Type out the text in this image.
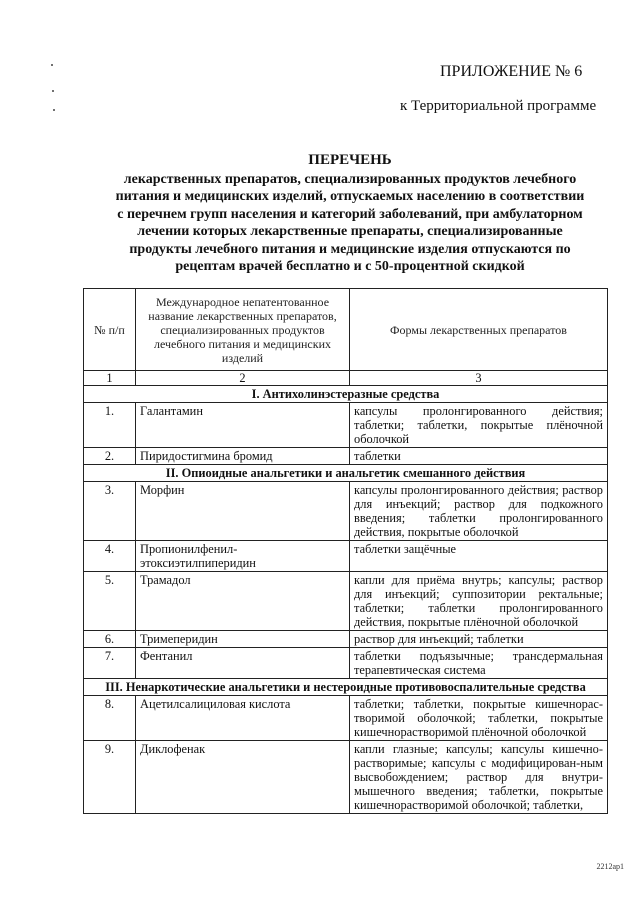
ПРИЛОЖЕНИЕ № 6
к Территориальной программе
ПЕРЕЧЕНЬ
лекарственных препаратов, специализированных продуктов лечебного
питания и медицинских изделий, отпускаемых населению в соответствии
с перечнем групп населения и категорий заболеваний, при амбулаторном
лечении которых лекарственные препараты, специализированные
продукты лечебного питания и медицинские изделия отпускаются по
рецептам врачей бесплатно и с 50-процентной скидкой
№ п/п	Международное непатентованное название лекарственных препаратов, специализированных продуктов лечебного питания и медицинских изделий	Формы лекарственных препаратов
1	2	3
I. Антихолинэстеразные средства		
1.	Галантамин	капсулы пролонгированного действия; таблетки; таблетки, покрытые плёночной оболочкой
2.	Пиридостигмина бромид	таблетки
II. Опиоидные анальгетики и анальгетик смешанного действия		
3.	Морфин	капсулы пролонгированного действия; раствор для инъекций; раствор для подкожного введения; таблетки пролонгированного действия, покрытые оболочкой
4.	Пропионилфенил-этоксиэтилпиперидин	таблетки защёчные
5.	Трамадол	капли для приёма внутрь; капсулы; раствор для инъекций; суппозитории ректальные; таблетки; таблетки пролонгированного действия, покрытые плёночной оболочкой
6.	Тримеперидин	раствор для инъекций; таблетки
7.	Фентанил	таблетки подъязычные; трансдермальная терапевтическая система
III. Ненаркотические анальгетики и нестероидные противовоспалительные средства		
8.	Ацетилсалициловая кислота	таблетки; таблетки, покрытые кишечнорас-творимой оболочкой; таблетки, покрытые кишечнорастворимой плёночной оболочкой
9.	Диклофенак	капли глазные; капсулы; капсулы кишечно-растворимые; капсулы с модифицирован-ным высвобождением; раствор для внутри-мышечного введения; таблетки, покрытые кишечнорастворимой оболочкой; таблетки,
2212ap1
